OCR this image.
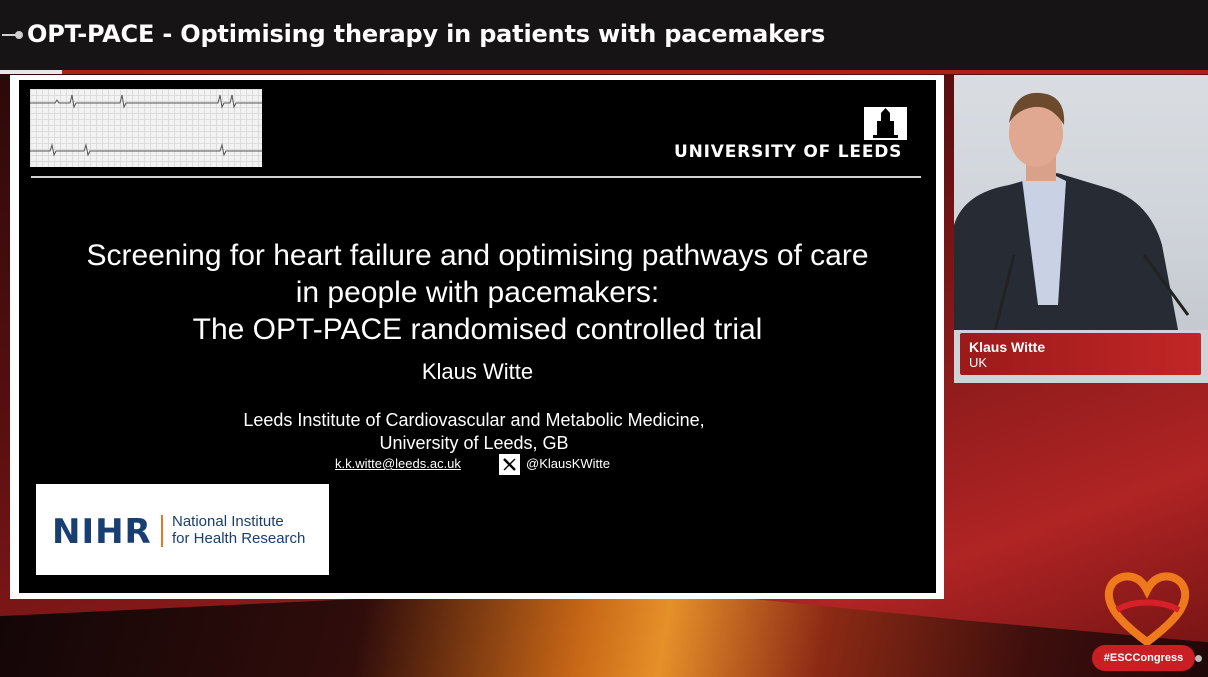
OPT-PACE - Optimising therapy in patients with pacemakers
UNIVERSITY OF LEEDS
Screening for heart failure and optimising pathways of care
in people with pacemakers:
The OPT-PACE randomised controlled trial
Klaus Witte
Leeds Institute of Cardiovascular and Metabolic Medicine,
University of Leeds, GB
k.k.witte@leeds.ac.uk	@KlausKWitte
NIHR National Institute
for Health Research
Klaus Witte
UK
#ESCCongress
